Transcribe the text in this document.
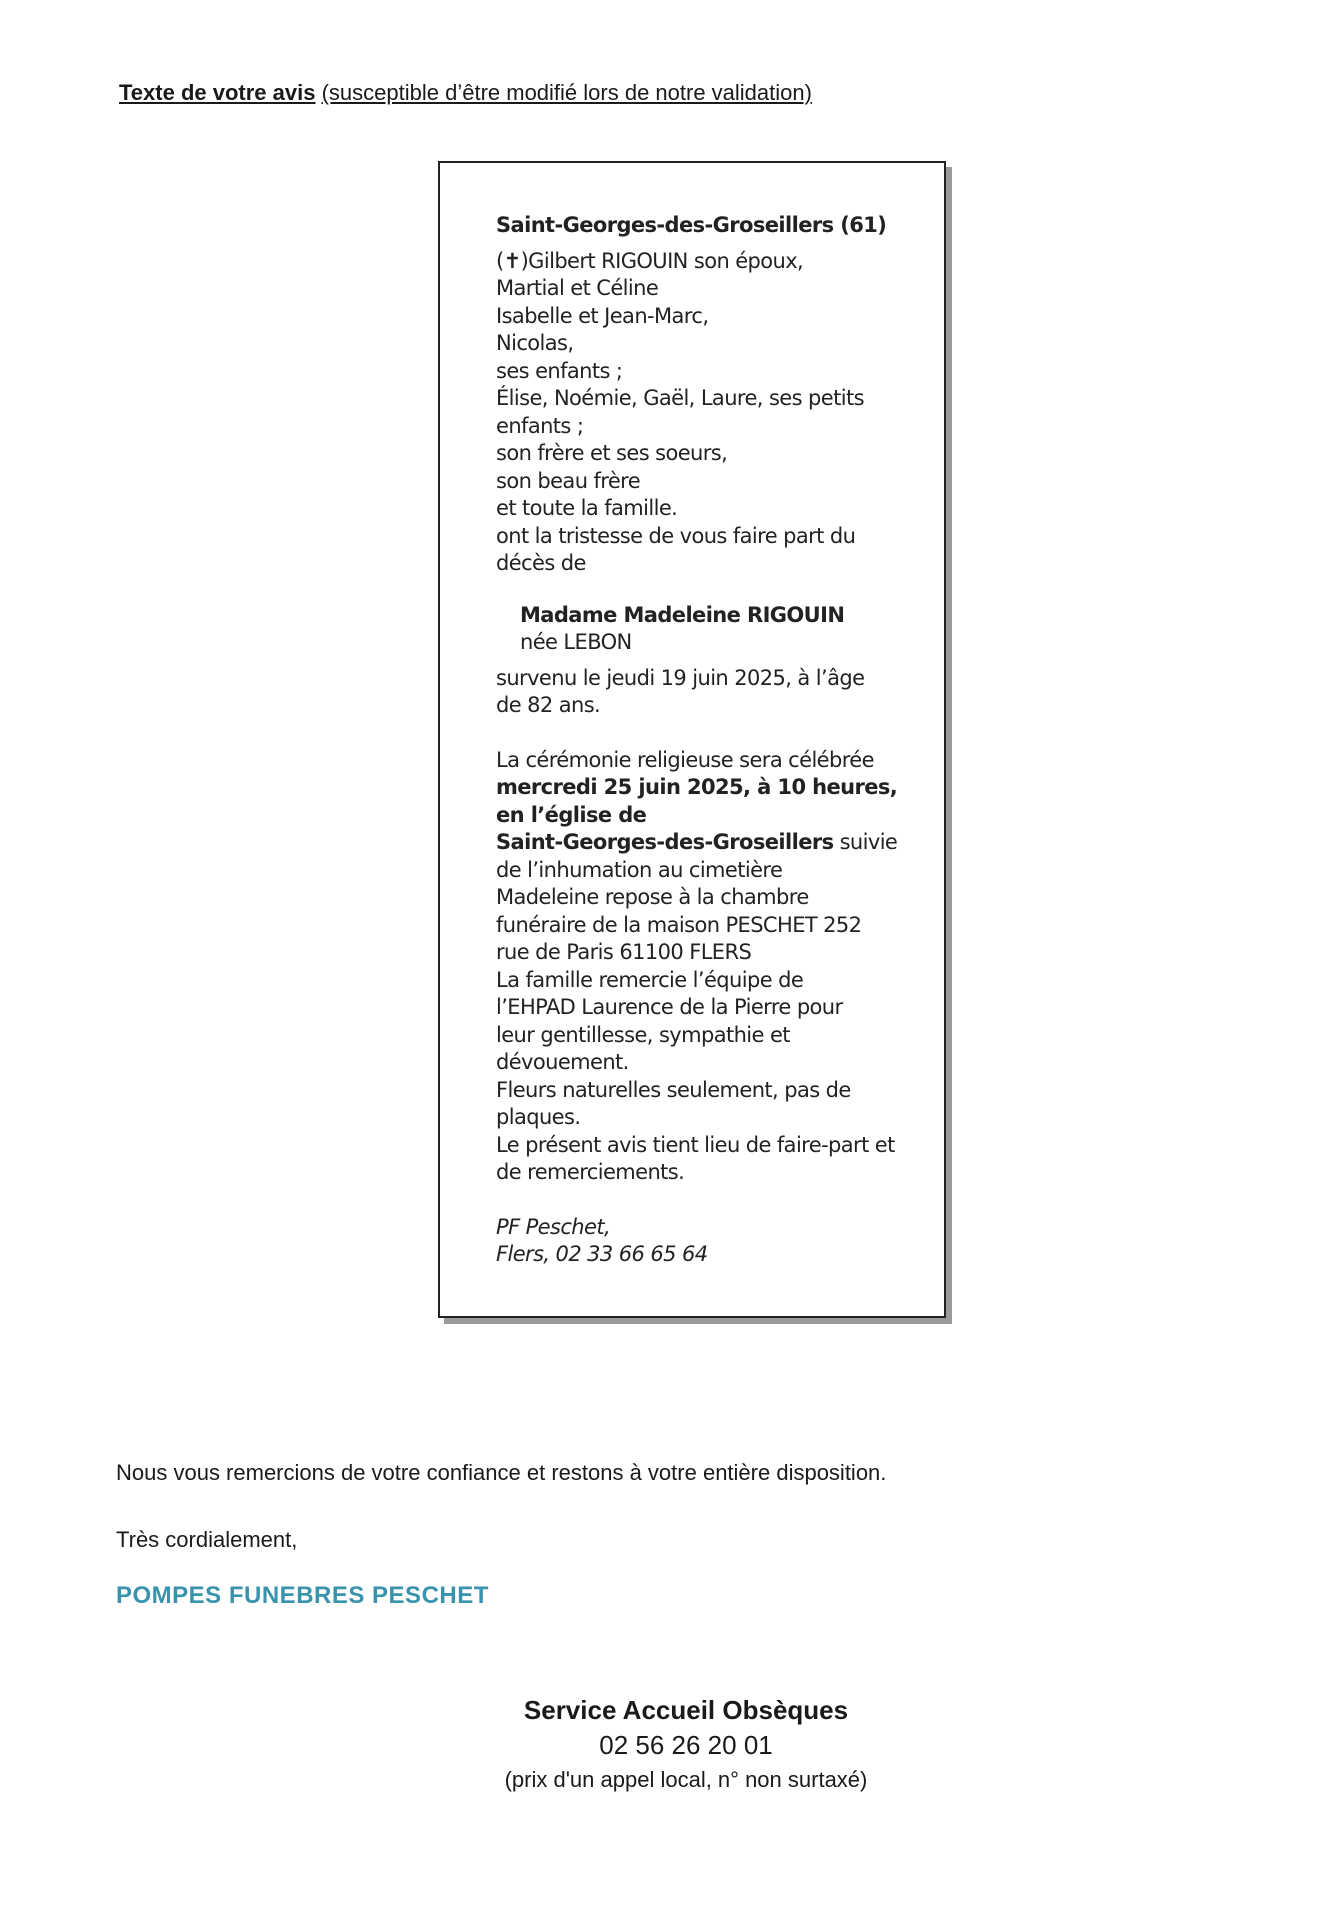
Texte de votre avis (susceptible d’être modifié lors de notre validation)
Saint-Georges-des-Groseillers (61)
(✝)Gilbert RIGOUIN son époux,
Martial et Céline
Isabelle et Jean-Marc,
Nicolas,
ses enfants ;
Élise, Noémie, Gaël, Laure, ses petits
enfants ;
son frère et ses soeurs,
son beau frère
et toute la famille.
ont la tristesse de vous faire part du
décès de
Madame Madeleine RIGOUIN
née LEBON
survenu le jeudi 19 juin 2025, à l’âge
de 82 ans.
La cérémonie religieuse sera célébrée
mercredi 25 juin 2025, à 10 heures,
en l’église de
Saint-Georges-des-Groseillers suivie
de l’inhumation au cimetière
Madeleine repose à la chambre
funéraire de la maison PESCHET 252
rue de Paris 61100 FLERS
La famille remercie l’équipe de
l’EHPAD Laurence de la Pierre pour
leur gentillesse, sympathie et
dévouement.
Fleurs naturelles seulement, pas de
plaques.
Le présent avis tient lieu de faire-part et
de remerciements.
PF Peschet,
Flers, 02 33 66 65 64
Nous vous remercions de votre confiance et restons à votre entière disposition.
Très cordialement,
POMPES FUNEBRES PESCHET
Service Accueil Obsèques
02 56 26 20 01
(prix d'un appel local, n° non surtaxé)
